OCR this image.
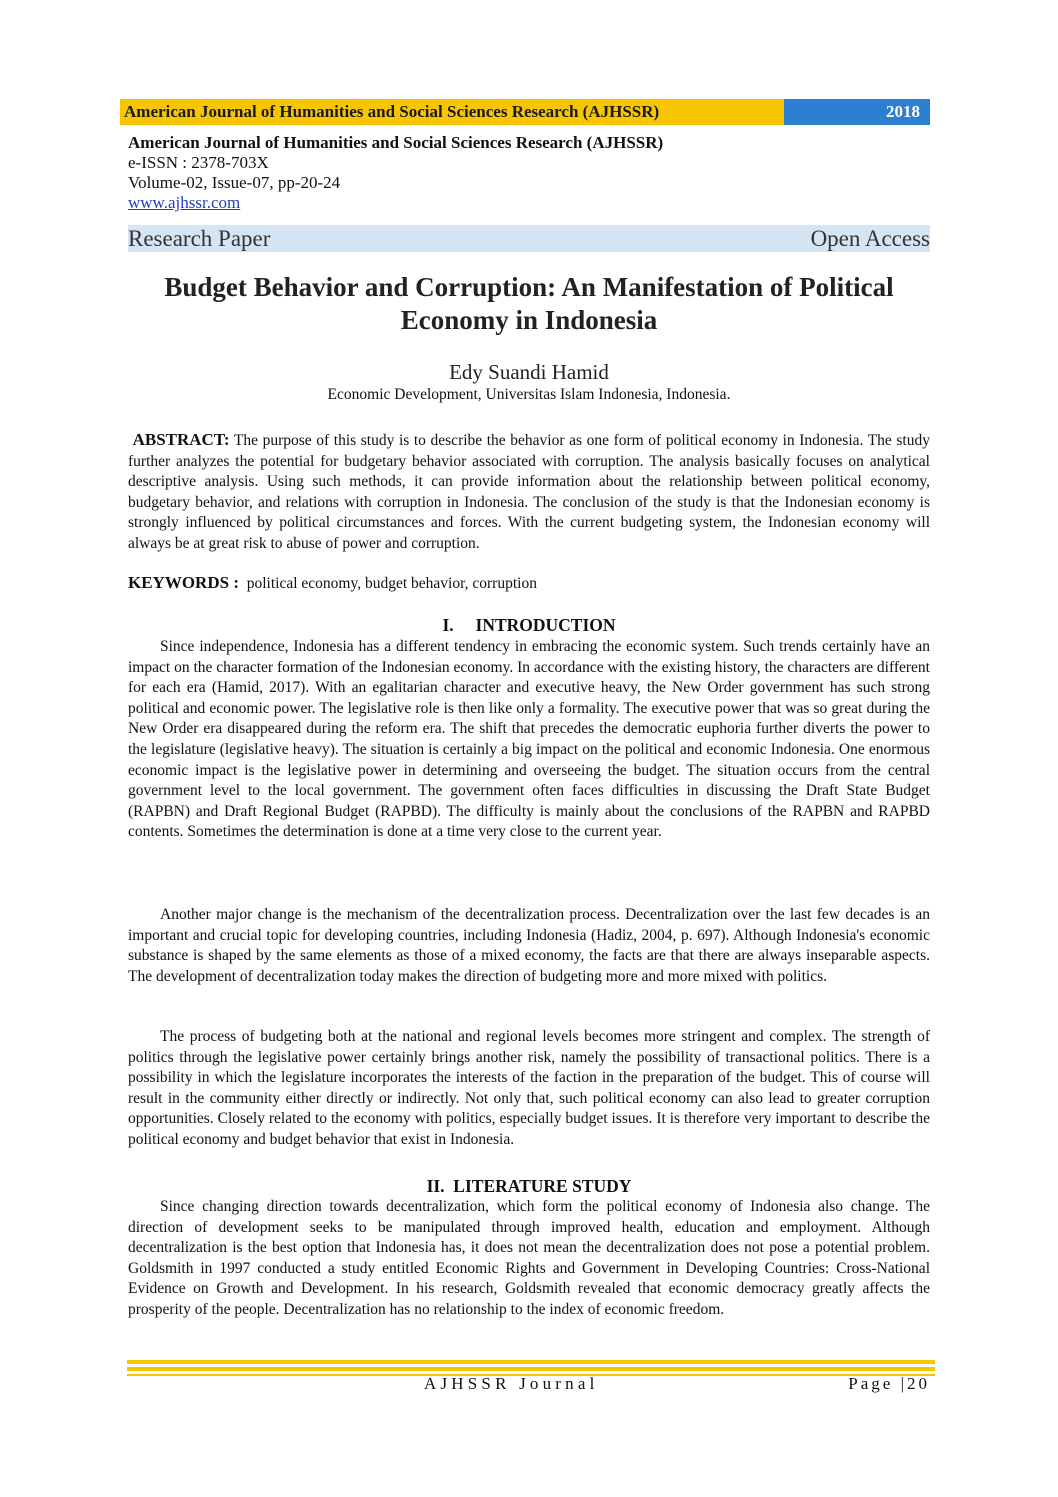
American Journal of Humanities and Social Sciences Research (AJHSSR)	2018
American Journal of Humanities and Social Sciences Research (AJHSSR)
e-ISSN : 2378-703X
Volume-02, Issue-07, pp-20-24
www.ajhssr.com
Research Paper	Open Access
Budget Behavior and Corruption: An Manifestation of Political
Economy in Indonesia
Edy Suandi Hamid
Economic Development, Universitas Islam Indonesia, Indonesia.

ABSTRACT: The purpose of this study is to describe the behavior as one form of political economy in Indonesia. The study further analyzes the potential for budgetary behavior associated with corruption. The analysis basically focuses on analytical descriptive analysis. Using such methods, it can provide information about the relationship between political economy, budgetary behavior, and relations with corruption in Indonesia. The conclusion of the study is that the Indonesian economy is strongly influenced by political circumstances and forces. With the current budgeting system, the Indonesian economy will always be at great risk to abuse of power and corruption.

KEYWORDS : political economy, budget behavior, corruption

I.     INTRODUCTION

Since independence, Indonesia has a different tendency in embracing the economic system. Such trends certainly have an impact on the character formation of the Indonesian economy. In accordance with the existing history, the characters are different for each era (Hamid, 2017). With an egalitarian character and executive heavy, the New Order government has such strong political and economic power. The legislative role is then like only a formality. The executive power that was so great during the New Order era disappeared during the reform era. The shift that precedes the democratic euphoria further diverts the power to the legislature (legislative heavy). The situation is certainly a big impact on the political and economic Indonesia. One enormous economic impact is the legislative power in determining and overseeing the budget. The situation occurs from the central government level to the local government. The government often faces difficulties in discussing the Draft State Budget (RAPBN) and Draft Regional Budget (RAPBD). The difficulty is mainly about the conclusions of the RAPBN and RAPBD contents. Sometimes the determination is done at a time very close to the current year.

Another major change is the mechanism of the decentralization process. Decentralization over the last few decades is an important and crucial topic for developing countries, including Indonesia (Hadiz, 2004, p. 697). Although Indonesia's economic substance is shaped by the same elements as those of a mixed economy, the facts are that there are always inseparable aspects. The development of decentralization today makes the direction of budgeting more and more mixed with politics.

The process of budgeting both at the national and regional levels becomes more stringent and complex. The strength of politics through the legislative power certainly brings another risk, namely the possibility of transactional politics. There is a possibility in which the legislature incorporates the interests of the faction in the preparation of the budget. This of course will result in the community either directly or indirectly. Not only that, such political economy can also lead to greater corruption opportunities. Closely related to the economy with politics, especially budget issues. It is therefore very important to describe the political economy and budget behavior that exist in Indonesia.

II.  LITERATURE STUDY

Since changing direction towards decentralization, which form the political economy of Indonesia also change. The direction of development seeks to be manipulated through improved health, education and employment. Although decentralization is the best option that Indonesia has, it does not mean the decentralization does not pose a potential problem. Goldsmith in 1997 conducted a study entitled Economic Rights and Government in Developing Countries: Cross-National Evidence on Growth and Development. In his research, Goldsmith revealed that economic democracy greatly affects the prosperity of the people. Decentralization has no relationship to the index of economic freedom.

AJHSSR Journal	Page |20
